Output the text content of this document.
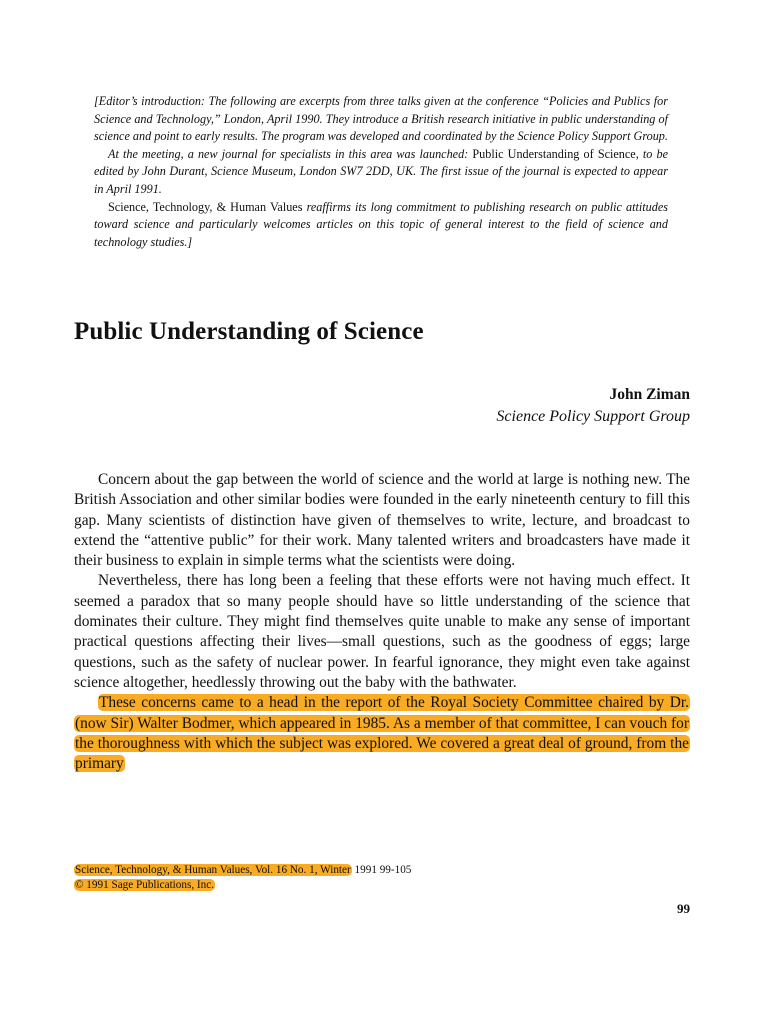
[Editor’s introduction: The following are excerpts from three talks given at the conference “Policies and Publics for Science and Technology,” London, April 1990. They introduce a British research initiative in public understanding of science and point to early results. The program was developed and coordinated by the Science Policy Support Group.

At the meeting, a new journal for specialists in this area was launched: Public Understanding of Science, to be edited by John Durant, Science Museum, London SW7 2DD, UK. The first issue of the journal is expected to appear in April 1991.

Science, Technology, & Human Values reaffirms its long commitment to publishing research on public attitudes toward science and particularly welcomes articles on this topic of general interest to the field of science and technology studies.]

Public Understanding of Science
John Ziman
Science Policy Support Group

Concern about the gap between the world of science and the world at large is nothing new. The British Association and other similar bodies were founded in the early nineteenth century to fill this gap. Many scientists of distinction have given of themselves to write, lecture, and broadcast to extend the “attentive public” for their work. Many talented writers and broadcasters have made it their business to explain in simple terms what the scientists were doing.

Nevertheless, there has long been a feeling that these efforts were not having much effect. It seemed a paradox that so many people should have so little understanding of the science that dominates their culture. They might find themselves quite unable to make any sense of important practical questions affecting their lives—small questions, such as the goodness of eggs; large questions, such as the safety of nuclear power. In fearful ignorance, they might even take against science altogether, heedlessly throwing out the baby with the bathwater.

These concerns came to a head in the report of the Royal Society Committee chaired by Dr. (now Sir) Walter Bodmer, which appeared in 1985. As a member of that committee, I can vouch for the thoroughness with which the subject was explored. We covered a great deal of ground, from the primary

Science, Technology, & Human Values, Vol. 16 No. 1, Winter 1991 99-105
© 1991 Sage Publications, Inc.
99
